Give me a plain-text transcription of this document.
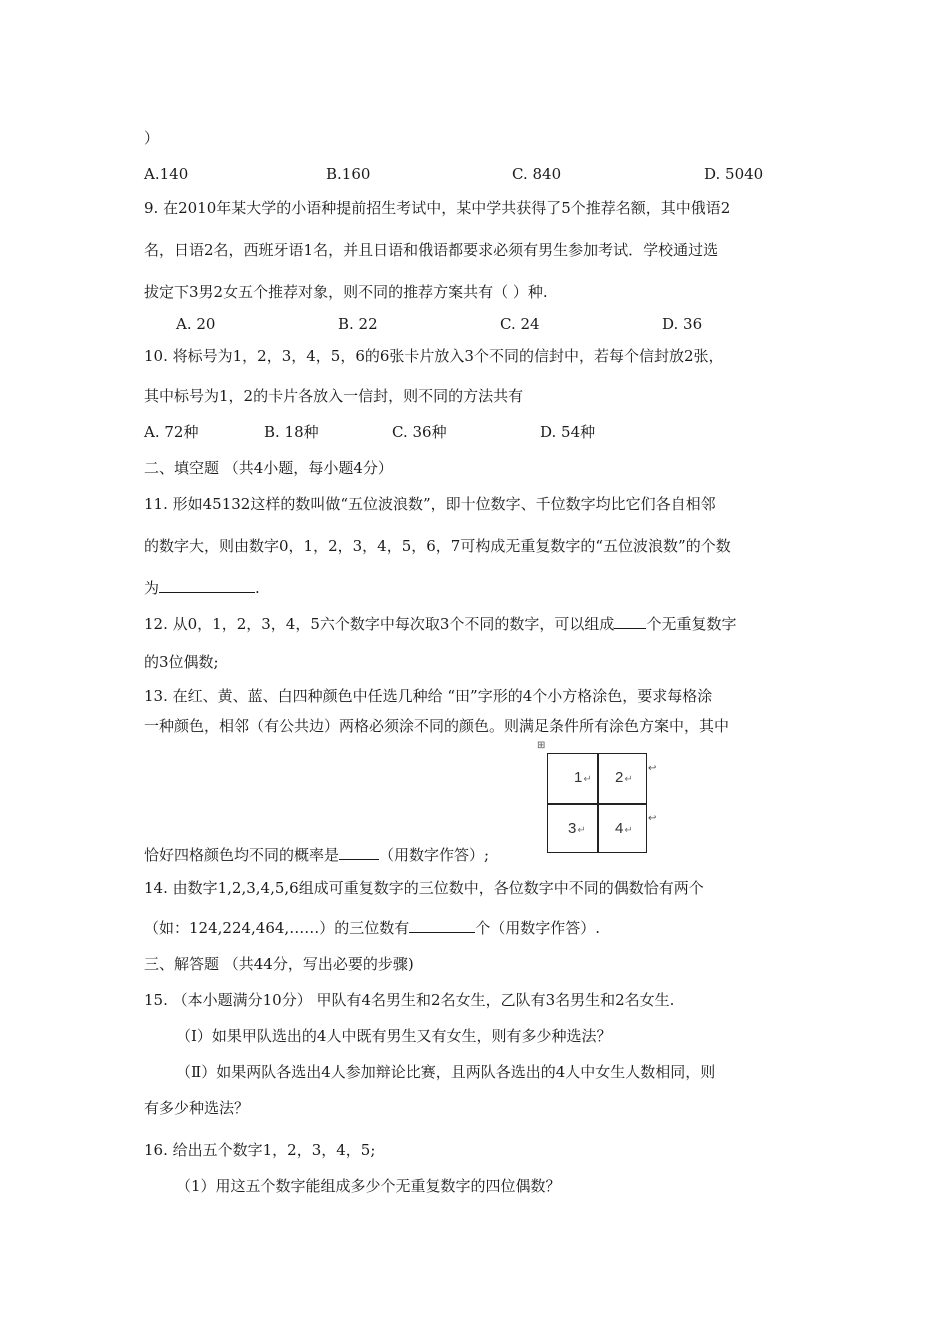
）
A.140	B.160	C. 840	D. 5040
9. 在2010年某大学的小语种提前招生考试中，某中学共获得了5个推荐名额，其中俄语2
名，日语2名，西班牙语1名，并且日语和俄语都要求必须有男生参加考试．学校通过选
拔定下3男2女五个推荐对象，则不同的推荐方案共有（ ）种.
A. 20	B. 22	C. 24	D. 36
10. 将标号为1，2，3，4，5，6的6张卡片放入3个不同的信封中，若每个信封放2张，
其中标号为1，2的卡片各放入一信封，则不同的方法共有
A. 72种	B. 18种	C. 36种	D. 54种
二、填空题 （共4小题，每小题4分）
11. 形如45132这样的数叫做“五位波浪数”，即十位数字、千位数字均比它们各自相邻
的数字大，则由数字0，1，2，3，4，5，6，7可构成无重复数字的“五位波浪数”的个数
为	.
12. 从0，1，2，3，4，5六个数字中每次取3个不同的数字，可以组成 个无重复数字
的3位偶数;
13. 在红、黄、蓝、白四种颜色中任选几种给 “田”字形的4个小方格涂色，要求每格涂
一种颜色，相邻（有公共边）两格必须涂不同的颜色。则满足条件所有涂色方案中，其中
⊞
1↵ 2↵
3↵ 4↵
↩
↩
恰好四格颜色均不同的概率是	（用数字作答）;
14. 由数字1,2,3,4,5,6组成可重复数字的三位数中，各位数字中不同的偶数恰有两个
（如：124,224,464,……）的三位数有	个（用数字作答）.
三、解答题 （共44分，写出必要的步骤)
15. （本小题满分10分） 甲队有4名男生和2名女生，乙队有3名男生和2名女生.
（Ⅰ）如果甲队选出的4人中既有男生又有女生，则有多少种选法？
（Ⅱ）如果两队各选出4人参加辩论比赛，且两队各选出的4人中女生人数相同，则
有多少种选法？
16. 给出五个数字1，2，3，4，5;
（1）用这五个数字能组成多少个无重复数字的四位偶数？
